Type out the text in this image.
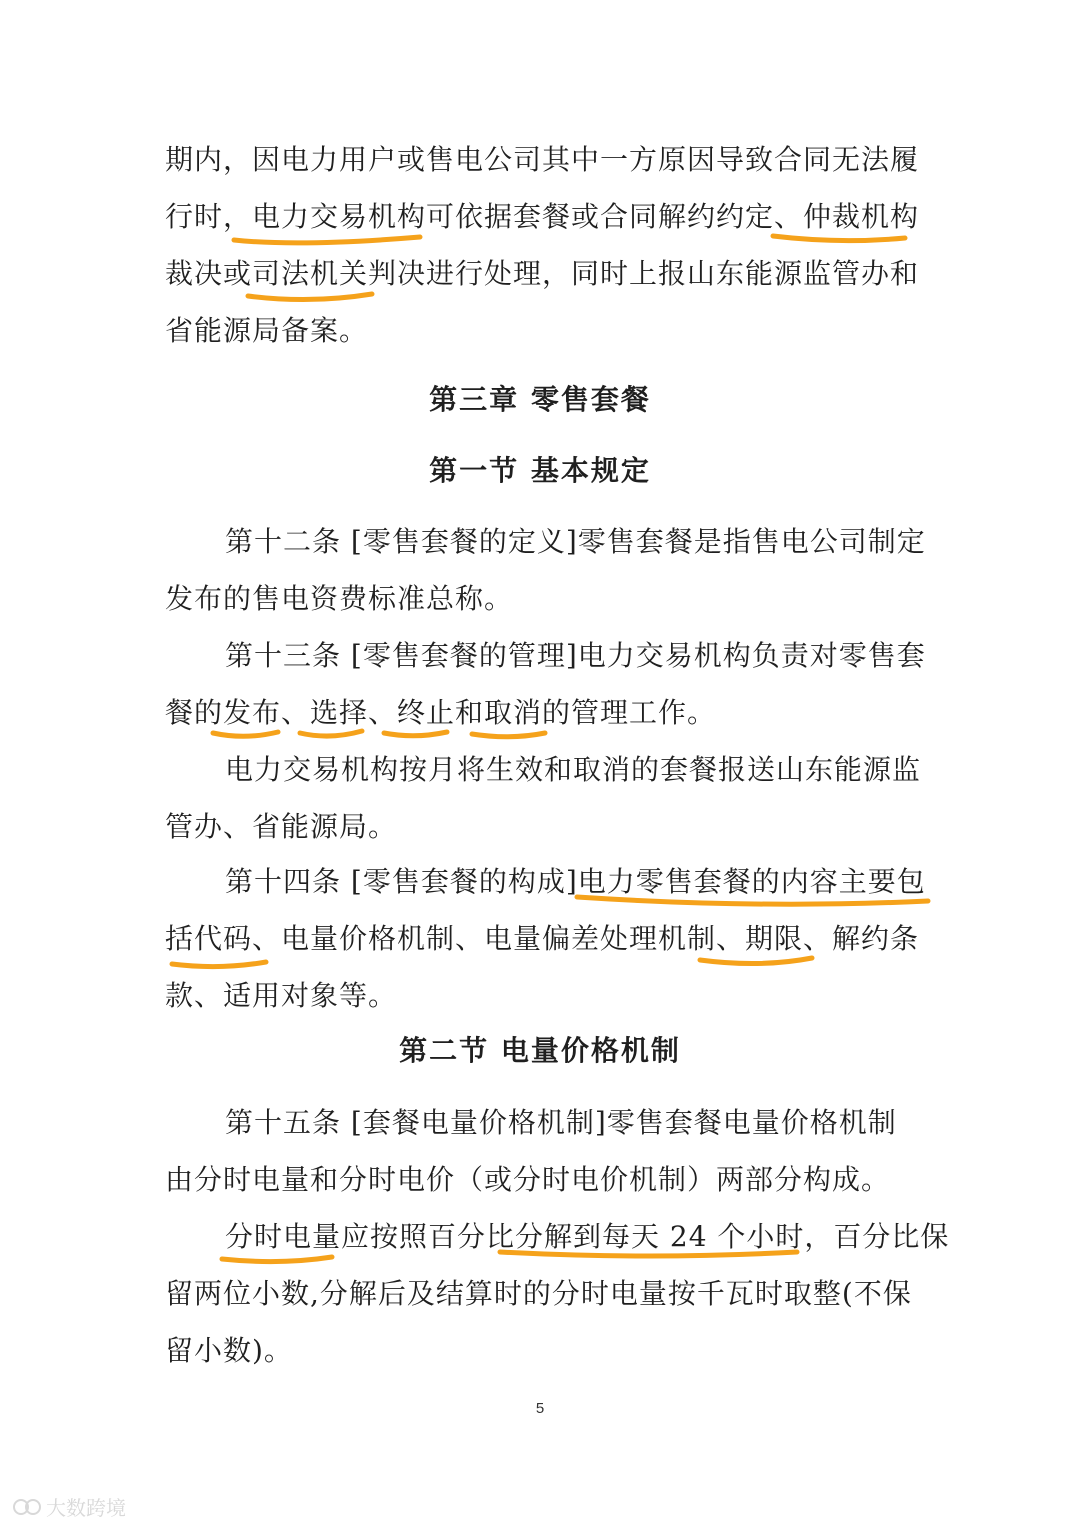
期内，因电力用户或售电公司其中一方原因导致合同无法履
行时，电力交易机构可依据套餐或合同解约约定、仲裁机构
裁决或司法机关判决进行处理，同时上报山东能源监管办和
省能源局备案。
第三章 零售套餐
第一节 基本规定
第十二条 [零售套餐的定义]零售套餐是指售电公司制定
发布的售电资费标准总称。
第十三条 [零售套餐的管理]电力交易机构负责对零售套
餐的发布、选择、终止和取消的管理工作。
电力交易机构按月将生效和取消的套餐报送山东能源监
管办、省能源局。
第十四条 [零售套餐的构成]电力零售套餐的内容主要包
括代码、电量价格机制、电量偏差处理机制、期限、解约条
款、适用对象等。
第二节 电量价格机制
第十五条 [套餐电量价格机制]零售套餐电量价格机制
由分时电量和分时电价（或分时电价机制）两部分构成。
分时电量应按照百分比分解到每天 24 个小时，百分比保
留两位小数,分解后及结算时的分时电量按千瓦时取整(不保
留小数)。
5
大数跨境
